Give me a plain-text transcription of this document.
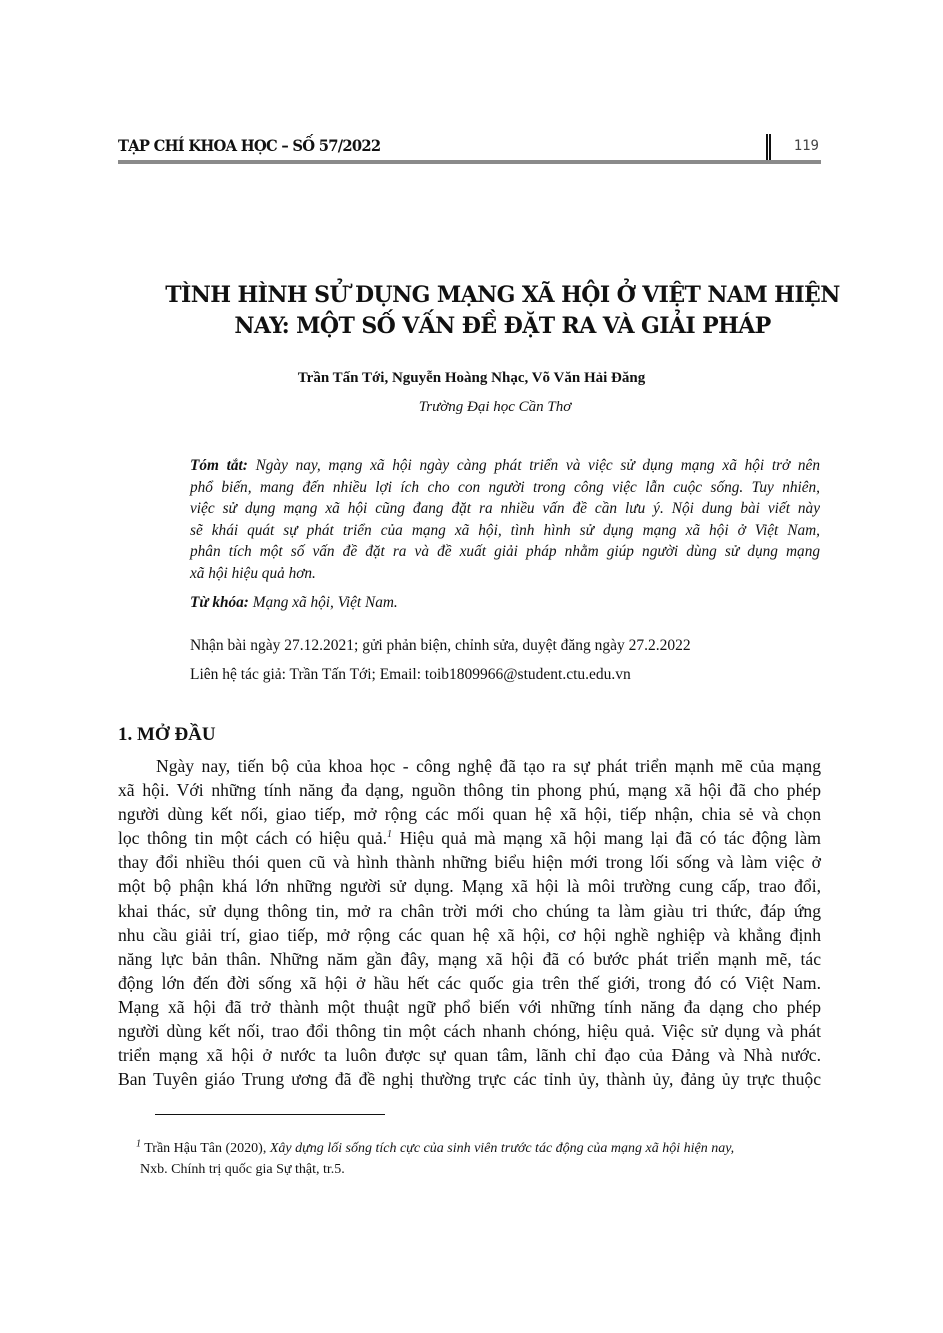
TẠP CHÍ KHOA HỌC – SỐ 57/2022	119
TÌNH HÌNH SỬ DỤNG MẠNG XÃ HỘI Ở VIỆT NAM HIỆN
NAY: MỘT SỐ VẤN ĐỀ ĐẶT RA VÀ GIẢI PHÁP
Trần Tấn Tới, Nguyễn Hoàng Nhạc, Võ Văn Hải Đăng
Trường Đại học Cần Thơ
Tóm tắt: Ngày nay, mạng xã hội ngày càng phát triển và việc sử dụng mạng xã hội trở nên
phổ biến, mang đến nhiều lợi ích cho con người trong công việc lẫn cuộc sống. Tuy nhiên,
việc sử dụng mạng xã hội cũng đang đặt ra nhiều vấn đề cần lưu ý. Nội dung bài viết này
sẽ khái quát sự phát triển của mạng xã hội, tình hình sử dụng mạng xã hội ở Việt Nam,
phân tích một số vấn đề đặt ra và đề xuất giải pháp nhằm giúp người dùng sử dụng mạng
xã hội hiệu quả hơn.
Từ khóa: Mạng xã hội, Việt Nam.
Nhận bài ngày 27.12.2021; gửi phản biện, chỉnh sửa, duyệt đăng ngày 27.2.2022
Liên hệ tác giả: Trần Tấn Tới; Email: toib1809966@student.ctu.edu.vn
1. MỞ ĐẦU
Ngày nay, tiến bộ của khoa học - công nghệ đã tạo ra sự phát triển mạnh mẽ của mạng
xã hội. Với những tính năng đa dạng, nguồn thông tin phong phú, mạng xã hội đã cho phép
người dùng kết nối, giao tiếp, mở rộng các mối quan hệ xã hội, tiếp nhận, chia sẻ và chọn
lọc thông tin một cách có hiệu quả.$^1$ Hiệu quả mà mạng xã hội mang lại đã có tác động làm
thay đổi nhiều thói quen cũ và hình thành những biểu hiện mới trong lối sống và làm việc ở
một bộ phận khá lớn những người sử dụng. Mạng xã hội là môi trường cung cấp, trao đổi,
khai thác, sử dụng thông tin, mở ra chân trời mới cho chúng ta làm giàu tri thức, đáp ứng
nhu cầu giải trí, giao tiếp, mở rộng các quan hệ xã hội, cơ hội nghề nghiệp và khẳng định
năng lực bản thân. Những năm gần đây, mạng xã hội đã có bước phát triển mạnh mẽ, tác
động lớn đến đời sống xã hội ở hầu hết các quốc gia trên thế giới, trong đó có Việt Nam.
Mạng xã hội đã trở thành một thuật ngữ phổ biến với những tính năng đa dạng cho phép
người dùng kết nối, trao đổi thông tin một cách nhanh chóng, hiệu quả. Việc sử dụng và phát
triển mạng xã hội ở nước ta luôn được sự quan tâm, lãnh chỉ đạo của Đảng và Nhà nước.
Ban Tuyên giáo Trung ương đã đề nghị thường trực các tỉnh ủy, thành ủy, đảng ủy trực thuộc
$^1$ Trần Hậu Tân (2020), Xây dựng lối sống tích cực của sinh viên trước tác động của mạng xã hội hiện nay,
Nxb. Chính trị quốc gia Sự thật, tr.5.
